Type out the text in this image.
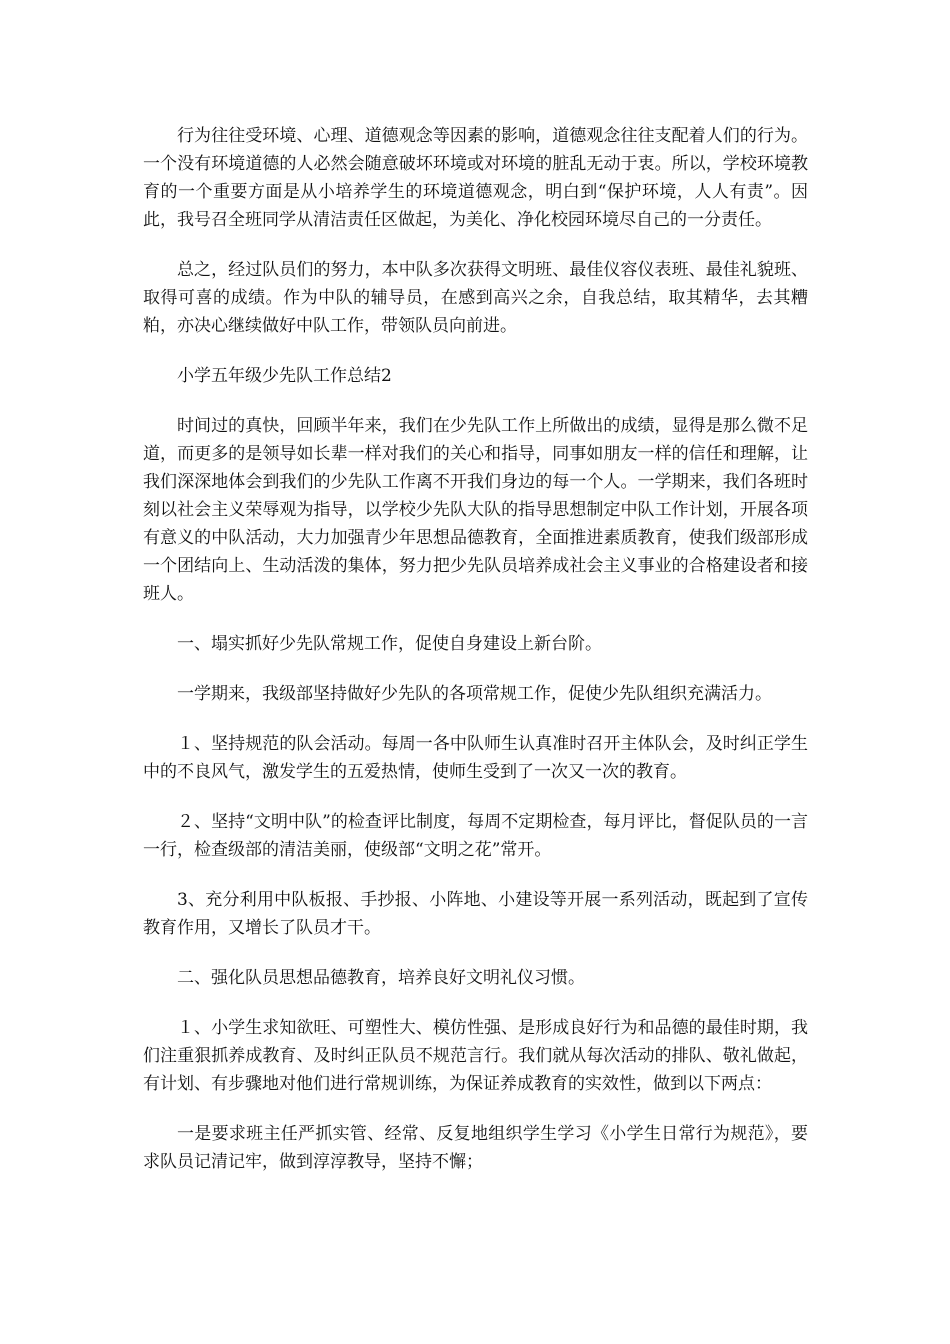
行为往往受环境、心理、道德观念等因素的影响，道德观念往往支配着人们的行为。一个没有环境道德的人必然会随意破坏环境或对环境的脏乱无动于衷。所以，学校环境教育的一个重要方面是从小培养学生的环境道德观念，明白到“保护环境，人人有责”。因此，我号召全班同学从清洁责任区做起，为美化、净化校园环境尽自己的一分责任。

总之，经过队员们的努力，本中队多次获得文明班、最佳仪容仪表班、最佳礼貌班、取得可喜的成绩。作为中队的辅导员，在感到高兴之余，自我总结，取其精华，去其糟粕，亦决心继续做好中队工作，带领队员向前进。

小学五年级少先队工作总结2

时间过的真快，回顾半年来，我们在少先队工作上所做出的成绩，显得是那么微不足道，而更多的是领导如长辈一样对我们的关心和指导，同事如朋友一样的信任和理解，让我们深深地体会到我们的少先队工作离不开我们身边的每一个人。一学期来，我们各班时刻以社会主义荣辱观为指导，以学校少先队大队的指导思想制定中队工作计划，开展各项有意义的中队活动，大力加强青少年思想品德教育，全面推进素质教育，使我们级部形成一个团结向上、生动活泼的集体，努力把少先队员培养成社会主义事业的合格建设者和接班人。

一、塌实抓好少先队常规工作，促使自身建设上新台阶。

一学期来，我级部坚持做好少先队的各项常规工作，促使少先队组织充满活力。

１、坚持规范的队会活动。每周一各中队师生认真准时召开主体队会，及时纠正学生中的不良风气，激发学生的五爱热情，使师生受到了一次又一次的教育。

２、坚持“文明中队”的检查评比制度，每周不定期检查，每月评比，督促队员的一言一行，检查级部的清洁美丽，使级部“文明之花”常开。

3、充分利用中队板报、手抄报、小阵地、小建设等开展一系列活动，既起到了宣传教育作用，又增长了队员才干。

二、强化队员思想品德教育，培养良好文明礼仪习惯。

１、小学生求知欲旺、可塑性大、模仿性强、是形成良好行为和品德的最佳时期，我们注重狠抓养成教育、及时纠正队员不规范言行。我们就从每次活动的排队、敬礼做起，有计划、有步骤地对他们进行常规训练，为保证养成教育的实效性，做到以下两点：

一是要求班主任严抓实管、经常、反复地组织学生学习《小学生日常行为规范》，要求队员记清记牢，做到淳淳教导，坚持不懈；
